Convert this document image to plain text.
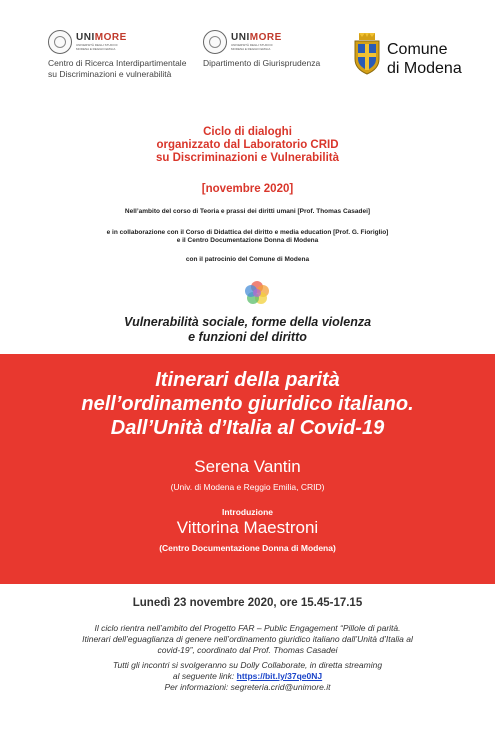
UNIMORE
UNIVERSITÀ DEGLI STUDI DI
MODENA E REGGIO EMILIA
Centro di Ricerca Interdipartimentale
su Discriminazioni e vulnerabilità
UNIMORE
UNIVERSITÀ DEGLI STUDI DI
MODENA E REGGIO EMILIA
Dipartimento di Giurisprudenza
Comune
di Modena
Ciclo di dialoghi
organizzato dal Laboratorio CRID
su Discriminazioni e Vulnerabilità
[novembre 2020]
Nell’ambito del corso di Teoria e prassi dei diritti umani [Prof. Thomas Casadei]
e in collaborazione con il Corso di Didattica del diritto e media education [Prof. G. Fioriglio]
e il Centro Documentazione Donna di Modena
con il patrocinio del Comune di Modena
Vulnerabilità sociale, forme della violenza
e funzioni del diritto
Itinerari della parità
nell’ordinamento giuridico italiano.
Dall’Unità d’Italia al Covid-19
Serena Vantin
(Univ. di Modena e Reggio Emilia, CRID)
Introduzione
Vittorina Maestroni
(Centro Documentazione Donna di Modena)
Lunedì 23 novembre 2020, ore 15.45-17.15
Il ciclo rientra nell’ambito del Progetto FAR – Public Engagement “Pillole di parità.
Itinerari dell’eguaglianza di genere nell’ordinamento giuridico italiano dall’Unità d’Italia al
covid-19”, coordinato dal Prof. Thomas Casadei
Tutti gli incontri si svolgeranno su Dolly Collaborate, in diretta streaming
al seguente link: https://bit.ly/37qe0NJ
Per informazioni: segreteria.crid@unimore.it
